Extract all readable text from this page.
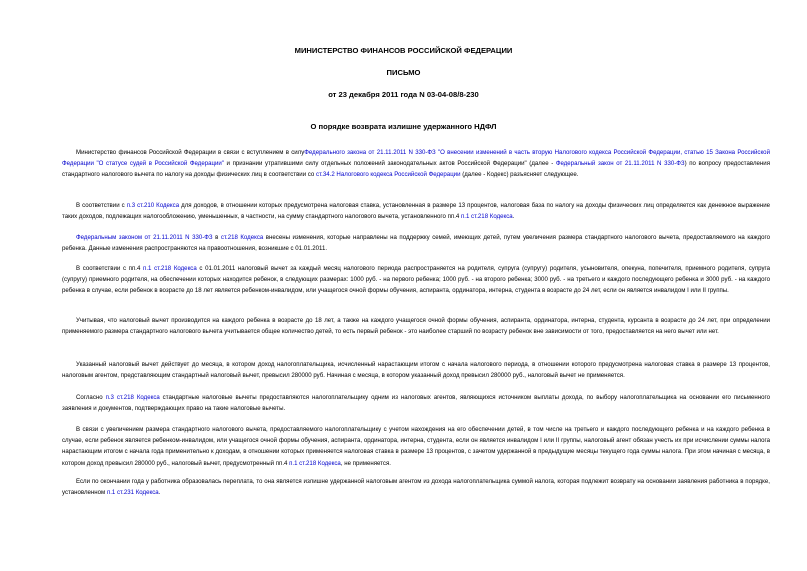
МИНИСТЕРСТВО ФИНАНСОВ РОССИЙСКОЙ ФЕДЕРАЦИИ
ПИСЬМО
от 23 декабря 2011 года N 03-04-08/8-230
О порядке возврата излишне удержанного НДФЛ
Министерство финансов Российской Федерации в связи с вступлением в силуФедерального закона от 21.11.2011 N 330-ФЗ "О внесении изменений в часть вторую Налогового кодекса Российской Федерации, статью 15 Закона Российской Федерации "О статусе судей в Российской Федерации" и признании утратившими силу отдельных положений законодательных актов Российской Федерации" (далее - Федеральный закон от 21.11.2011 N 330-ФЗ) по вопросу предоставления стандартного налогового вычета по налогу на доходы физических лиц в соответствии со ст.34.2 Налогового кодекса Российской Федерации (далее - Кодекс) разъясняет следующее.
В соответствии с п.3 ст.210 Кодекса для доходов, в отношении которых предусмотрена налоговая ставка, установленная в размере 13 процентов, налоговая база по налогу на доходы физических лиц определяется как денежное выражение таких доходов, подлежащих налогообложению, уменьшенных, в частности, на сумму стандартного налогового вычета, установленного пп.4 п.1 ст.218 Кодекса.
Федеральным законом от 21.11.2011 N 330-ФЗ в ст.218 Кодекса внесены изменения, которые направлены на поддержку семей, имеющих детей, путем увеличения размера стандартного налогового вычета, предоставляемого на каждого ребенка. Данные изменения распространяются на правоотношения, возникшие с 01.01.2011.
В соответствии с пп.4 п.1 ст.218 Кодекса с 01.01.2011 налоговый вычет за каждый месяц налогового периода распространяется на родителя, супруга (супругу) родителя, усыновителя, опекуна, попечителя, приемного родителя, супруга (супругу) приемного родителя, на обеспечении которых находится ребенок, в следующих размерах: 1000 руб. - на первого ребенка; 1000 руб. - на второго ребенка; 3000 руб. - на третьего и каждого последующего ребенка и 3000 руб. - на каждого ребенка в случае, если ребенок в возрасте до 18 лет является ребенком-инвалидом, или учащегося очной формы обучения, аспиранта, ординатора, интерна, студента в возрасте до 24 лет, если он является инвалидом I или II группы.
Учитывая, что налоговый вычет производится на каждого ребенка в возрасте до 18 лет, а также на каждого учащегося очной формы обучения, аспиранта, ординатора, интерна, студента, курсанта в возрасте до 24 лет, при определении применяемого размера стандартного налогового вычета учитывается общее количество детей, то есть первый ребенок - это наиболее старший по возрасту ребенок вне зависимости от того, предоставляется на него вычет или нет.
Указанный налоговый вычет действует до месяца, в котором доход налогоплательщика, исчисленный нарастающим итогом с начала налогового периода, в отношении которого предусмотрена налоговая ставка в размере 13 процентов, налоговым агентом, представляющим стандартный налоговый вычет, превысил 280000 руб. Начиная с месяца, в котором указанный доход превысил 280000 руб., налоговый вычет не применяется.
Согласно п.3 ст.218 Кодекса стандартные налоговые вычеты предоставляются налогоплательщику одним из налоговых агентов, являющихся источником выплаты дохода, по выбору налогоплательщика на основании его письменного заявления и документов, подтверждающих право на такие налоговые вычеты.
В связи с увеличением размера стандартного налогового вычета, предоставляемого налогоплательщику с учетом нахождения на его обеспечении детей, в том числе на третьего и каждого последующего ребенка и на каждого ребенка в случае, если ребенок является ребенком-инвалидом, или учащегося очной формы обучения, аспиранта, ординатора, интерна, студента, если он является инвалидом I или II группы, налоговый агент обязан учесть их при исчислении суммы налога нарастающим итогом с начала года применительно к доходам, в отношении которых применяется налоговая ставка в размере 13 процентов, с зачетом удержанной в предыдущие месяцы текущего года суммы налога. При этом начиная с месяца, в котором доход превысил 280000 руб., налоговый вычет, предусмотренный пп.4 п.1 ст.218 Кодекса, не применяется.
Если по окончании года у работника образовалась переплата, то она является излишне удержанной налоговым агентом из дохода налогоплательщика суммой налога, которая подлежит возврату на основании заявления работника в порядке, установленном п.1 ст.231 Кодекса.
